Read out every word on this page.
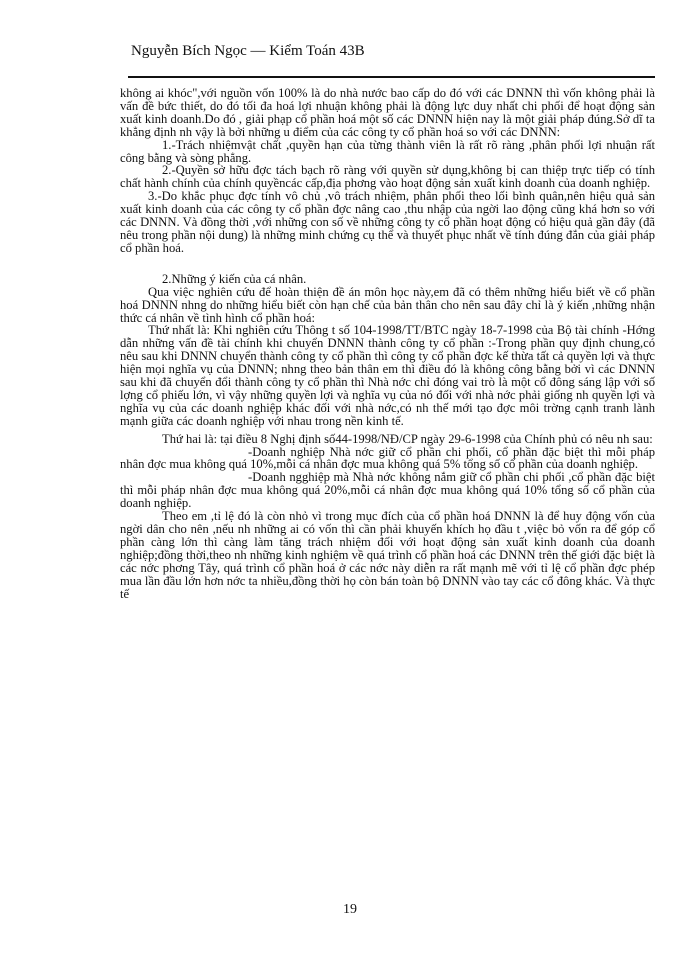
Nguyễn Bích Ngọc — Kiểm Toán 43B

không ai khóc",với nguồn vốn 100% là do nhà nước bao cấp do đó với các DNNN thì vốn không phải là vấn đề bức thiết, do đó tối đa hoá lợi nhuận không phải là động lực duy nhất chi phối để hoạt động sản xuất kinh doanh.Do đó , giải phạp cổ phần hoá một số các DNNN hiện nay là một giải pháp đúng.Sở dĩ ta khẳng định nh vậy là bởi những u điểm của các công ty cổ phần hoá so với các DNNN:

1.-Trách nhiệmvật chất ,quyền hạn của từng thành viên là rất rõ ràng ,phân phối lợi nhuận rất công bằng và sòng phẳng.

2.-Quyền sở hữu đợc tách bạch rõ ràng với quyền sử dụng,không bị can thiệp trực tiếp có tính chất hành chính của chính quyềncác cấp,địa phơng vào hoạt động sản xuất kinh doanh của doanh nghiệp.

3.-Do khắc phục đợc tính vô chủ ,vô trách nhiệm, phân phối theo lối bình quân,nên hiệu quả sản xuất kinh doanh của các công ty cổ phần đợc nâng cao ,thu nhập của ngời lao động cũng khá hơn so với các DNNN. Và đồng thời ,với những con số về những công ty cổ phần hoạt động có hiệu quả gần đây (đã nêu trong phần nội dung) là những minh chứng cụ thể và thuyết phục nhất về tính đúng đắn của giải pháp cổ phần hoá.

2.Những ý kiến của cá nhân.

Qua việc nghiên cứu để hoàn thiện đề án môn học này,em đã có thêm những hiểu biết về cổ phần hoá DNNN nhng do những hiểu biết còn hạn chế của bản thân cho nên sau đây chỉ là ý kiến ,những nhận thức cá nhân về tình hình cổ phần hoá:

Thứ nhất là: Khi nghiên cứu Thông t số 104-1998/TT/BTC ngày 18-7-1998 của Bộ tài chính -Hớng dẫn những vấn đề tài chính khi chuyển DNNN thành công ty cổ phần :-Trong phần quy định chung,có nêu sau khi DNNN chuyển thành công ty cổ phần thì công ty cổ phần đợc kế thừa tất cả quyền lợi và thực hiện mọi nghĩa vụ của DNNN; nhng theo bản thân em thì điều đó là không công bằng bởi vì các DNNN sau khi đã chuyển đổi thành công ty cổ phần thì Nhà nớc chỉ đóng vai trò là một cổ đông sáng lập với số lợng cổ phiếu lớn, vì vậy những quyền lợi và nghĩa vụ của nó đối với nhà nớc phải giống nh quyền lợi và nghĩa vụ của các doanh nghiệp khác đối với nhà nớc,có nh thế mới tạo đợc môi trờng cạnh tranh lành mạnh giữa các doanh nghiệp với nhau trong nền kinh tế.

Thứ hai là: tại điều 8 Nghị định số44-1998/NĐ/CP ngày 29-6-1998 của Chính phủ có nêu nh sau:

-Doanh nghiệp Nhà nớc giữ cổ phần chi phối, cổ phần đặc biệt thì mỗi pháp nhân đợc mua không quá 10%,mỗi cá nhân đợc mua không quá 5% tổng số cổ phần của doanh nghiệp.

-Doanh ngghiệp mà Nhà nớc không nắm giữ cổ phần chi phối ,cổ phần đặc biệt thì mỗi pháp nhân đợc mua không quá 20%,mỗi cá nhân đợc mua không quá 10% tổng số cổ phần của doanh nghiệp.

Theo em ,tỉ lệ đó là còn nhỏ vì trong mục đích của cổ phần hoá DNNN là để huy động vốn của ngời dân cho nên ,nếu nh những ai có vốn thì cần phải khuyến khích họ đầu t ,việc bỏ vốn ra để góp cổ phần càng lớn thì càng làm tăng trách nhiệm đối với hoạt động sản xuất kinh doanh của doanh nghiệp;đồng thời,theo nh những kinh nghiệm về quá trình cổ phần hoá các DNNN trên thế giới đặc biệt là các nớc phơng Tây, quá trình cổ phần hoá ở các nớc này diễn ra rất mạnh mẽ với tỉ lệ cổ phần đợc phép mua lần đầu lớn hơn nớc ta nhiều,đồng thời họ còn bán toàn bộ DNNN vào tay các cổ đông khác. Và thực tế

19
